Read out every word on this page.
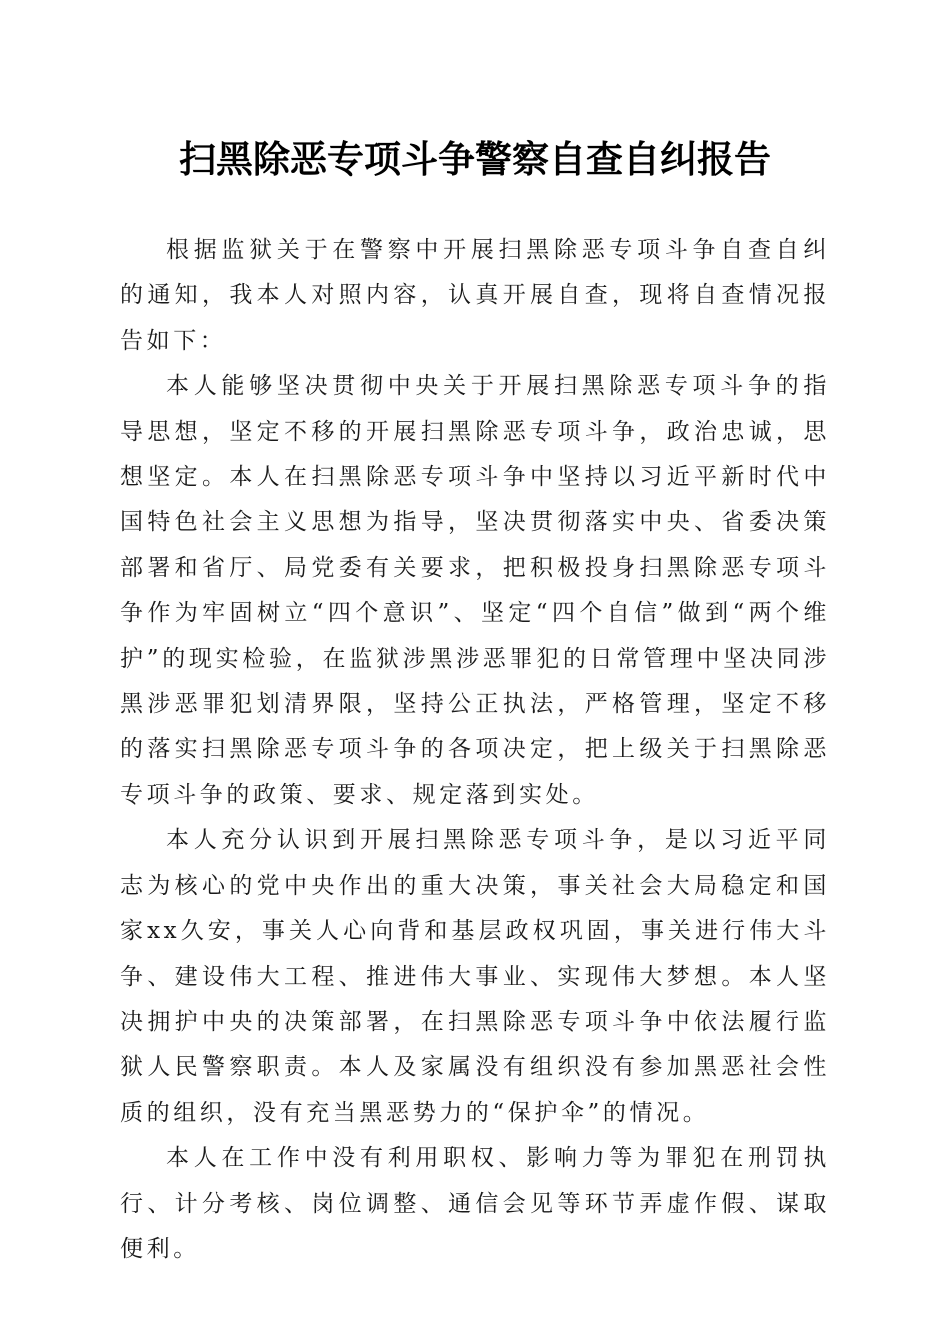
扫黑除恶专项斗争警察自查自纠报告

根据监狱关于在警察中开展扫黑除恶专项斗争自查自纠的通知，我本人对照内容，认真开展自查，现将自查情况报告如下：

本人能够坚决贯彻中央关于开展扫黑除恶专项斗争的指导思想，坚定不移的开展扫黑除恶专项斗争，政治忠诚，思想坚定。本人在扫黑除恶专项斗争中坚持以习近平新时代中国特色社会主义思想为指导，坚决贯彻落实中央、省委决策部署和省厅、局党委有关要求，把积极投身扫黑除恶专项斗争作为牢固树立“四个意识”、坚定“四个自信”做到“两个维护”的现实检验，在监狱涉黑涉恶罪犯的日常管理中坚决同涉黑涉恶罪犯划清界限，坚持公正执法，严格管理，坚定不移的落实扫黑除恶专项斗争的各项决定，把上级关于扫黑除恶专项斗争的政策、要求、规定落到实处。

本人充分认识到开展扫黑除恶专项斗争，是以习近平同志为核心的党中央作出的重大决策，事关社会大局稳定和国家xx久安，事关人心向背和基层政权巩固，事关进行伟大斗争、建设伟大工程、推进伟大事业、实现伟大梦想。本人坚决拥护中央的决策部署，在扫黑除恶专项斗争中依法履行监狱人民警察职责。本人及家属没有组织没有参加黑恶社会性质的组织，没有充当黑恶势力的“保护伞”的情况。

本人在工作中没有利用职权、影响力等为罪犯在刑罚执行、计分考核、岗位调整、通信会见等环节弄虚作假、谋取便利。
